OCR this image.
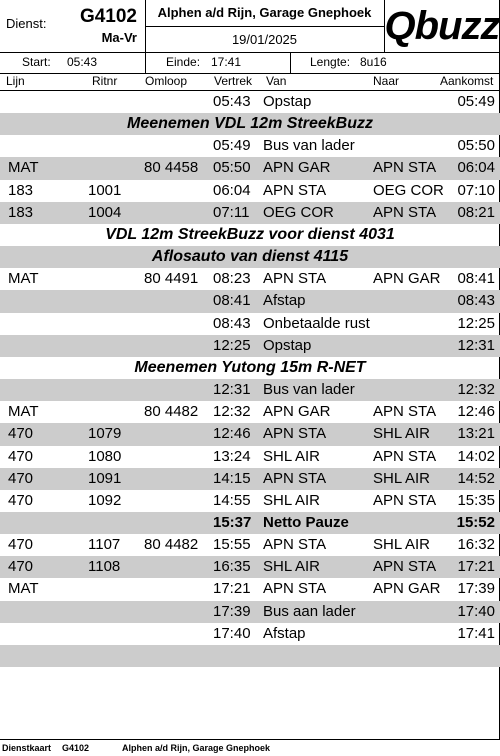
Dienst: G4102
Ma-Vr
Alphen a/d Rijn, Garage Gnephoek
19/01/2025	Qbuzz
Start: 05:43	Einde: 17:41	Lengte: 8u16
Lijn	Ritnr Omloop Vertrek Van	Naar	Aankomst
05:43 Opstap	05:49
Meenemen VDL 12m StreekBuzz
05:49 Bus van lader	05:50
MAT	80 4458 05:50 APN GAR	APN STA 06:04
183	1001	06:04 APN STA	OEG COR 07:10
183	1004	07:11 OEG COR	APN STA 08:21
VDL 12m StreekBuzz voor dienst 4031
Aflosauto van dienst 4115
MAT	80 4491 08:23 APN STA	APN GAR 08:41
08:41 Afstap	08:43
08:43 Onbetaalde rust	12:25
12:25 Opstap	12:31
Meenemen Yutong 15m R-NET
12:31 Bus van lader	12:32
MAT	80 4482 12:32 APN GAR	APN STA 12:46
470	1079	12:46 APN STA	SHL AIR 13:21
470	1080	13:24 SHL AIR	APN STA 14:02
470	1091	14:15 APN STA	SHL AIR 14:52
470	1092	14:55 SHL AIR	APN STA 15:35
15:37 Netto Pauze	15:52
470	1107 80 4482 15:55 APN STA	SHL AIR 16:32
470	1108	16:35 SHL AIR	APN STA 17:21
MAT	17:21 APN STA	APN GAR 17:39
17:39 Bus aan lader	17:40
17:40 Afstap	17:41
Dienstkaart G4102	Alphen a/d Rijn, Garage Gnephoek
